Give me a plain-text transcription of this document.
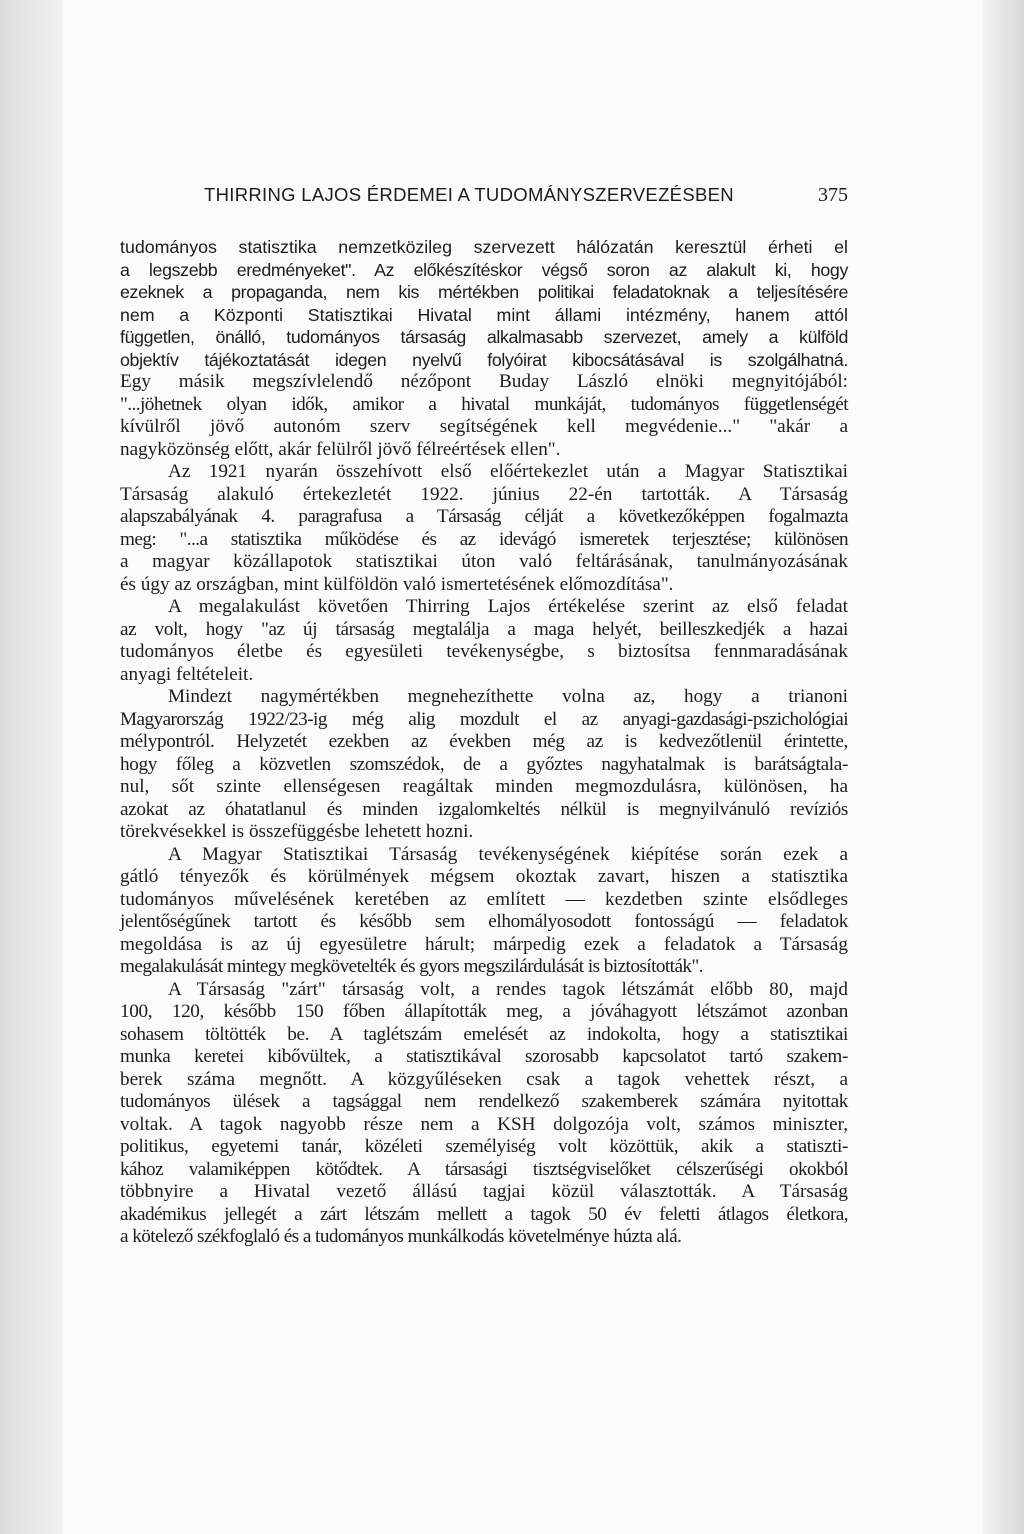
THIRRING LAJOS ÉRDEMEI A TUDOMÁNYSZERVEZÉSBEN	375
tudományos statisztika nemzetközileg szervezett hálózatán keresztül érheti el
a legszebb eredményeket". Az előkészítéskor végső soron az alakult ki, hogy
ezeknek a propaganda, nem kis mértékben politikai feladatoknak a teljesítésére
nem a Központi Statisztikai Hivatal mint állami intézmény, hanem attól
független, önálló, tudományos társaság alkalmasabb szervezet, amely a külföld
objektív tájékoztatását idegen nyelvű folyóirat kibocsátásával is szolgálhatná.
Egy másik megszívlelendő nézőpont Buday László elnöki megnyitójából:
"...jöhetnek olyan idők, amikor a hivatal munkáját, tudományos függetlenségét
kívülről jövő autonóm szerv segítségének kell megvédenie..." "akár a
nagyközönség előtt, akár felülről jövő félreértések ellen".
Az 1921 nyarán összehívott első előértekezlet után a Magyar Statisztikai
Társaság alakuló értekezletét 1922. június 22-én tartották. A Társaság
alapszabályának 4. paragrafusa a Társaság célját a következőképpen fogalmazta
meg: "...a statisztika működése és az idevágó ismeretek terjesztése; különösen
a magyar közállapotok statisztikai úton való feltárásának, tanulmányozásának
és úgy az országban, mint külföldön való ismertetésének előmozdítása".
A megalakulást követően Thirring Lajos értékelése szerint az első feladat
az volt, hogy "az új társaság megtalálja a maga helyét, beilleszkedjék a hazai
tudományos életbe és egyesületi tevékenységbe, s biztosítsa fennmaradásának
anyagi feltételeit.
Mindezt nagymértékben megnehezíthette volna az, hogy a trianoni
Magyarország 1922/23-ig még alig mozdult el az anyagi-gazdasági-pszichológiai
mélypontról. Helyzetét ezekben az években még az is kedvezőtlenül érintette,
hogy főleg a közvetlen szomszédok, de a győztes nagyhatalmak is barátságtala-
nul, sőt szinte ellenségesen reagáltak minden megmozdulásra, különösen, ha
azokat az óhatatlanul és minden izgalomkeltés nélkül is megnyilvánuló revíziós
törekvésekkel is összefüggésbe lehetett hozni.
A Magyar Statisztikai Társaság tevékenységének kiépítése során ezek a
gátló tényezők és körülmények mégsem okoztak zavart, hiszen a statisztika
tudományos művelésének keretében az említett — kezdetben szinte elsődleges
jelentőségűnek tartott és később sem elhomályosodott fontosságú — feladatok
megoldása is az új egyesületre hárult; márpedig ezek a feladatok a Társaság
megalakulását mintegy megkövetelték és gyors megszilárdulását is biztosították".
A Társaság "zárt" társaság volt, a rendes tagok létszámát előbb 80, majd
100, 120, később 150 főben állapították meg, a jóváhagyott létszámot azonban
sohasem töltötték be. A taglétszám emelését az indokolta, hogy a statisztikai
munka keretei kibővültek, a statisztikával szorosabb kapcsolatot tartó szakem-
berek száma megnőtt. A közgyűléseken csak a tagok vehettek részt, a
tudományos ülések a tagsággal nem rendelkező szakemberek számára nyitottak
voltak. A tagok nagyobb része nem a KSH dolgozója volt, számos miniszter,
politikus, egyetemi tanár, közéleti személyiség volt közöttük, akik a statiszti-
kához valamiképpen kötődtek. A társasági tisztségviselőket célszerűségi okokból
többnyire a Hivatal vezető állású tagjai közül választották. A Társaság
akadémikus jellegét a zárt létszám mellett a tagok 50 év feletti átlagos életkora,
a kötelező székfoglaló és a tudományos munkálkodás követelménye húzta alá.
